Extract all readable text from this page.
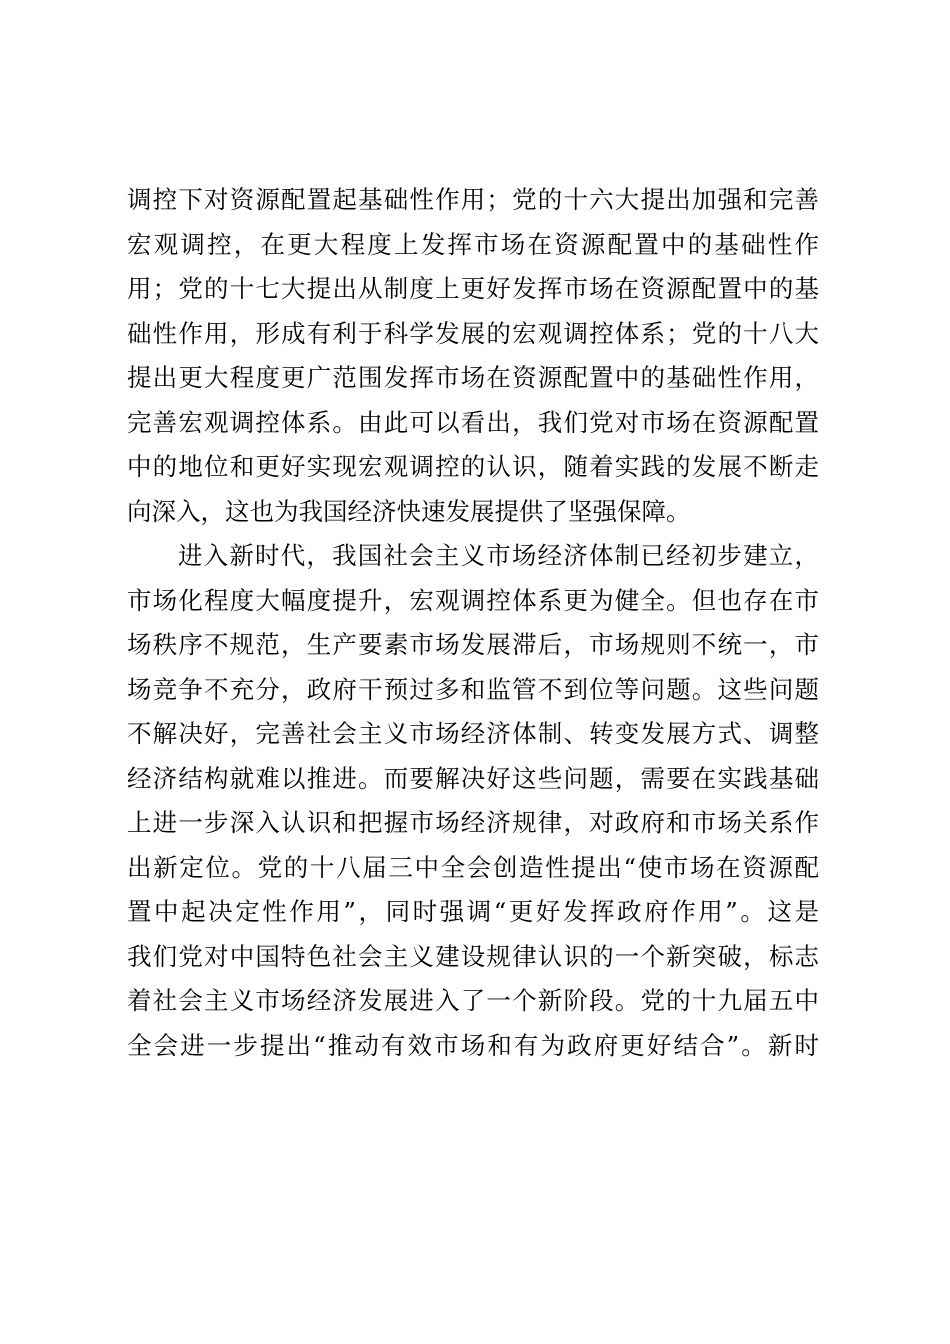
调控下对资源配置起基础性作用；党的十六大提出加强和完善
宏观调控，在更大程度上发挥市场在资源配置中的基础性作
用；党的十七大提出从制度上更好发挥市场在资源配置中的基
础性作用，形成有利于科学发展的宏观调控体系；党的十八大
提出更大程度更广范围发挥市场在资源配置中的基础性作用，
完善宏观调控体系。由此可以看出，我们党对市场在资源配置
中的地位和更好实现宏观调控的认识，随着实践的发展不断走
向深入，这也为我国经济快速发展提供了坚强保障。
进入新时代，我国社会主义市场经济体制已经初步建立，
市场化程度大幅度提升，宏观调控体系更为健全。但也存在市
场秩序不规范，生产要素市场发展滞后，市场规则不统一，市
场竞争不充分，政府干预过多和监管不到位等问题。这些问题
不解决好，完善社会主义市场经济体制、转变发展方式、调整
经济结构就难以推进。而要解决好这些问题，需要在实践基础
上进一步深入认识和把握市场经济规律，对政府和市场关系作
出新定位。党的十八届三中全会创造性提出“使市场在资源配
置中起决定性作用”，同时强调“更好发挥政府作用”。这是
我们党对中国特色社会主义建设规律认识的一个新突破，标志
着社会主义市场经济发展进入了一个新阶段。党的十九届五中
全会进一步提出“推动有效市场和有为政府更好结合”。新时
